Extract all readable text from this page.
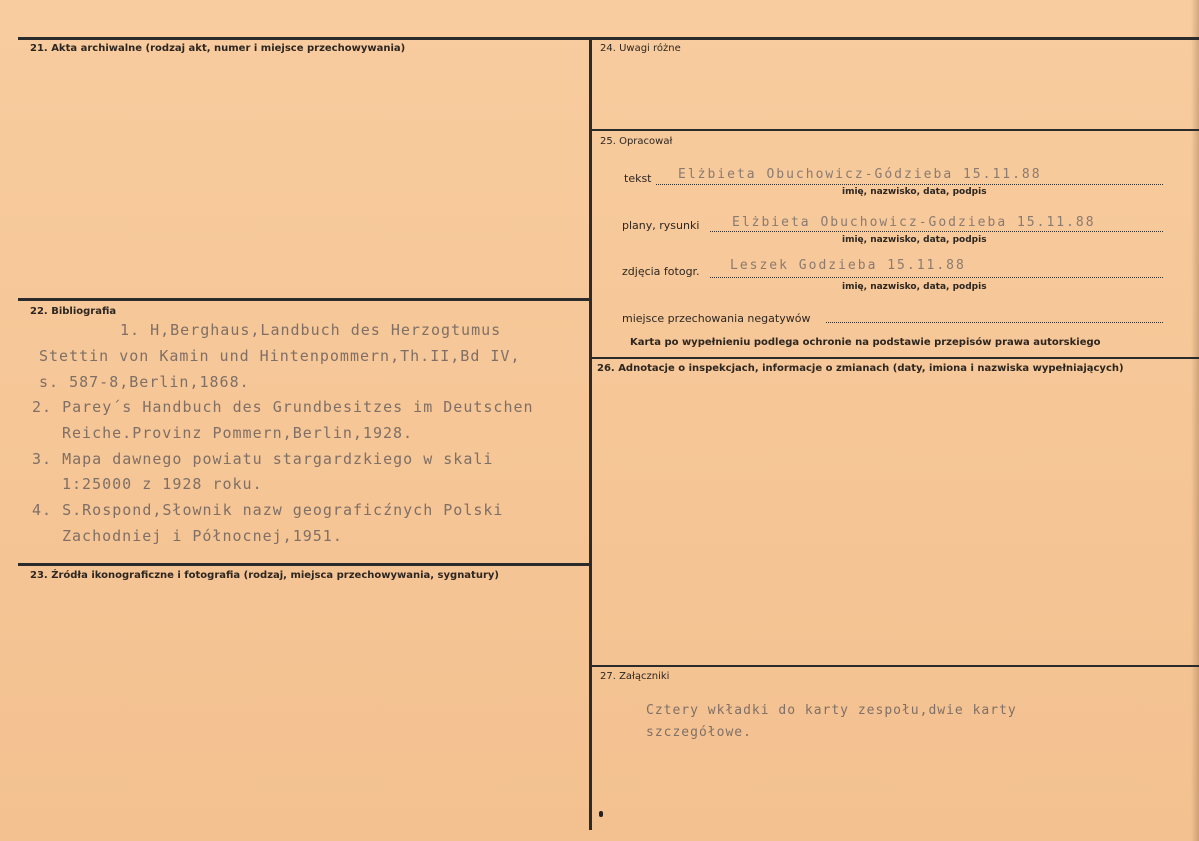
21. Akta archiwalne (rodzaj akt, numer i miejsce przechowywania)
22. Bibliografia
1. H,Berghaus,Landbuch des Herzogtumus
Stettin von Kamin und Hintenpommern,Th.II,Bd IV,
s. 587-8,Berlin,1868.
2. Parey´s Handbuch des Grundbesitzes im Deutschen
Reiche.Provinz Pommern,Berlin,1928.
3. Mapa dawnego powiatu stargardzkiego w skali
1:25000 z 1928 roku.
4. S.Rospond,Słownik nazw geograficźnych Polski
Zachodniej i Północnej,1951.
23. Źródła ikonograficzne i fotografia (rodzaj, miejsca przechowywania, sygnatury)
24. Uwagi różne
25. Opracował
tekst Elżbieta Obuchowicz-Gódzieba 15.11.88
imię, nazwisko, data, podpis
plany, rysunki	Elżbieta Obuchowicz-Godzieba 15.11.88
imię, nazwisko, data, podpis
zdjęcia fotogr. Leszek Godzieba 15.11.88
imię, nazwisko, data, podpis
miejsce przechowania negatywów
Karta po wypełnieniu podlega ochronie na podstawie przepisów prawa autorskiego
26. Adnotacje o inspekcjach, informacje o zmianach (daty, imiona i nazwiska wypełniających)
27. Załączniki
Cztery wkładki do karty zespołu,dwie karty
szczegółowe.
